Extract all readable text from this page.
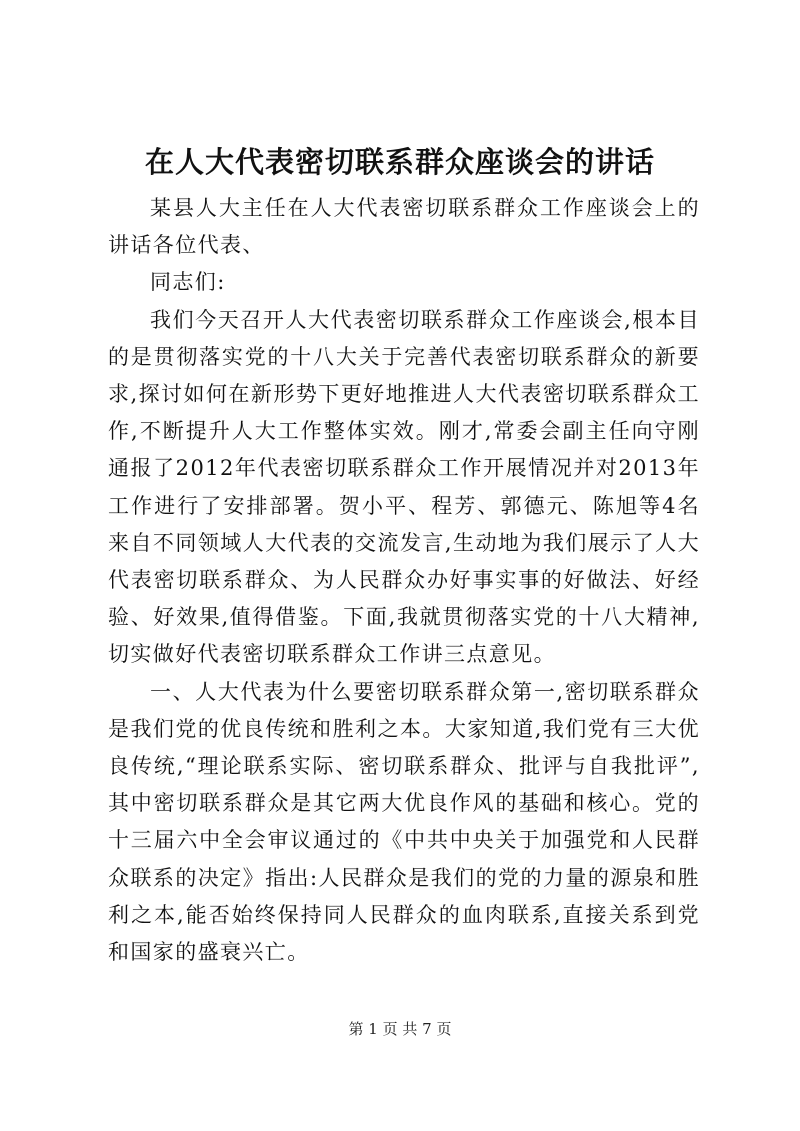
在人大代表密切联系群众座谈会的讲话

某县人大主任在人大代表密切联系群众工作座谈会上的讲话各位代表、

同志们:

我们今天召开人大代表密切联系群众工作座谈会,根本目的是贯彻落实党的十八大关于完善代表密切联系群众的新要求,探讨如何在新形势下更好地推进人大代表密切联系群众工作,不断提升人大工作整体实效。刚才,常委会副主任向守刚通报了2012年代表密切联系群众工作开展情况并对2013年工作进行了安排部署。贺小平、程芳、郭德元、陈旭等4名来自不同领域人大代表的交流发言,生动地为我们展示了人大代表密切联系群众、为人民群众办好事实事的好做法、好经验、好效果,值得借鉴。下面,我就贯彻落实党的十八大精神,切实做好代表密切联系群众工作讲三点意见。

一、人大代表为什么要密切联系群众第一,密切联系群众是我们党的优良传统和胜利之本。大家知道,我们党有三大优良传统,“理论联系实际、密切联系群众、批评与自我批评”,其中密切联系群众是其它两大优良作风的基础和核心。党的十三届六中全会审议通过的《中共中央关于加强党和人民群众联系的决定》指出:人民群众是我们的党的力量的源泉和胜利之本,能否始终保持同人民群众的血肉联系,直接关系到党和国家的盛衰兴亡。

第 1 页 共 7 页
